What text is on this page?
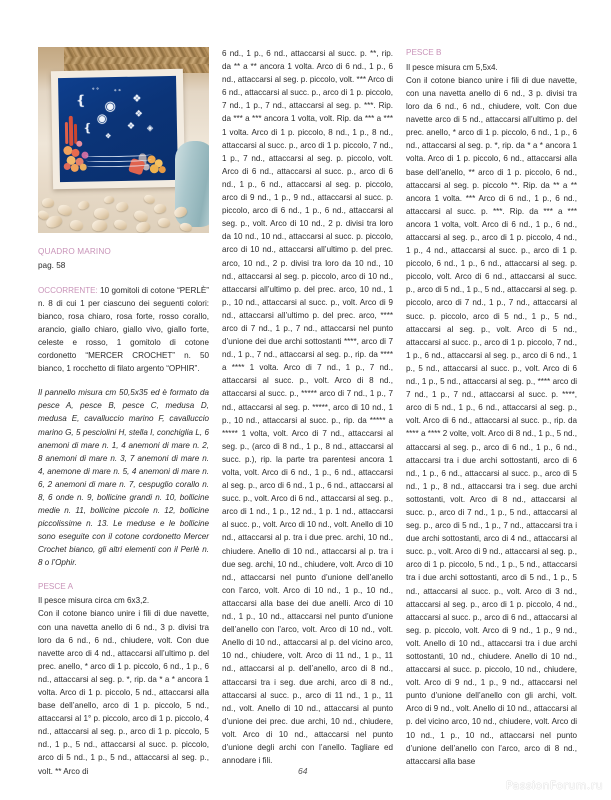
❴
❴
◉
◉
❖
❖
❖
❖
◈
⚬⚬	⚬⚬
QUADRO MARINO
pag. 58

OCCORRENTE: 10 gomitoli di cotone “PERLÈ” n. 8 di cui 1 per ciascuno dei seguenti colori: bianco, rosa chiaro, rosa forte, rosso corallo, arancio, giallo chiaro, giallo vivo, giallo forte, celeste e rosso, 1 gomitolo di cotone cordonetto “MERCER CROCHET” n. 50 bianco, 1 rocchetto di filato argento “OPHIR”.

Il pannello misura cm 50,5x35 ed è formato da pesce A, pesce B, pesce C, medusa D, medusa E, cavalluccio marino F, cavalluccio marino G, 5 pesciolini H, stella I, conchiglia L, 6 anemoni di mare n. 1, 4 anemoni di mare n. 2, 8 anemoni di mare n. 3, 7 anemoni di mare n. 4, anemone di mare n. 5, 4 anemoni di mare n. 6, 2 anemoni di mare n. 7, cespuglio corallo n. 8, 6 onde n. 9, bollicine grandi n. 10, bollicine medie n. 11, bollicine piccole n. 12, bollicine piccolissime n. 13. Le meduse e le bollicine sono eseguite con il cotone cordonetto Mercer Crochet bianco, gli altri elementi con il Perlè n. 8 o l’Ophir.

PESCE A

Il pesce misura circa cm 6x3,2.

Con il cotone bianco unire i fili di due navette, con una navetta anello di 6 nd., 3 p. divisi tra loro da 6 nd., 6 nd., chiudere, volt. Con due navette arco di 4 nd., attaccarsi all’ultimo p. del prec. anello, * arco di 1 p. piccolo, 6 nd., 1 p., 6 nd., attaccarsi al seg. p. *, rip. da * a * ancora 1 volta. Arco di 1 p. piccolo, 5 nd., attaccarsi alla base dell’anello, arco di 1 p. piccolo, 5 nd., attaccarsi al 1° p. piccolo, arco di 1 p. piccolo, 4 nd., attaccarsi al seg. p., arco di 1 p. piccolo, 5 nd., 1 p., 5 nd., attaccarsi al succ. p. piccolo, arco di 5 nd., 1 p., 5 nd., attaccarsi al seg. p., volt. ** Arco di

6 nd., 1 p., 6 nd., attaccarsi al succ. p. **, rip. da ** a ** ancora 1 volta. Arco di 6 nd., 1 p., 6 nd., attaccarsi al seg. p. piccolo, volt. *** Arco di 6 nd., attaccarsi al succ. p., arco di 1 p. piccolo, 7 nd., 1 p., 7 nd., attaccarsi al seg. p. ***. Rip. da *** a *** ancora 1 volta, volt. Rip. da *** a *** 1 volta. Arco di 1 p. piccolo, 8 nd., 1 p., 8 nd., attaccarsi al succ. p., arco di 1 p. piccolo, 7 nd., 1 p., 7 nd., attaccarsi al seg. p. piccolo, volt. Arco di 6 nd., attaccarsi al succ. p., arco di 6 nd., 1 p., 6 nd., attaccarsi al seg. p. piccolo, arco di 9 nd., 1 p., 9 nd., attaccarsi al succ. p. piccolo, arco di 6 nd., 1 p., 6 nd., attaccarsi al seg. p., volt. Arco di 10 nd., 2 p. divisi tra loro da 10 nd., 10 nd., attaccarsi al succ. p. piccolo, arco di 10 nd., attaccarsi all’ultimo p. del prec. arco, 10 nd., 2 p. divisi tra loro da 10 nd., 10 nd., attaccarsi al seg. p. piccolo, arco di 10 nd., attaccarsi all’ultimo p. del prec. arco, 10 nd., 1 p., 10 nd., attaccarsi al succ. p., volt. Arco di 9 nd., attaccarsi all’ultimo p. del prec. arco, **** arco di 7 nd., 1 p., 7 nd., attaccarsi nel punto d’unione dei due archi sottostanti ****, arco di 7 nd., 1 p., 7 nd., attaccarsi al seg. p., rip. da **** a **** 1 volta. Arco di 7 nd., 1 p., 7 nd., attaccarsi al succ. p., volt. Arco di 8 nd., attaccarsi al succ. p., ***** arco di 7 nd., 1 p., 7 nd., attaccarsi al seg. p. *****, arco di 10 nd., 1 p., 10 nd., attaccarsi al succ. p., rip. da ***** a ***** 1 volta, volt. Arco di 7 nd., attaccarsi al seg. p., (arco di 8 nd., 1 p., 8 nd., attaccarsi al succ. p.), rip. la parte tra parentesi ancora 1 volta, volt. Arco di 6 nd., 1 p., 6 nd., attaccarsi al seg. p., arco di 6 nd., 1 p., 6 nd., attaccarsi al succ. p., volt. Arco di 6 nd., attaccarsi al seg. p., arco di 1 nd., 1 p., 12 nd., 1 p. 1 nd., attaccarsi al succ. p., volt. Arco di 10 nd., volt. Anello di 10 nd., attaccarsi al p. tra i due prec. archi, 10 nd., chiudere. Anello di 10 nd., attaccarsi al p. tra i due seg. archi, 10 nd., chiudere, volt. Arco di 10 nd., attaccarsi nel punto d’unione dell’anello con l’arco, volt. Arco di 10 nd., 1 p., 10 nd., attaccarsi alla base dei due anelli. Arco di 10 nd., 1 p., 10 nd., attaccarsi nel punto d’unione dell’anello con l’arco, volt. Arco di 10 nd., volt. Anello di 10 nd., attaccarsi al p. del vicino arco, 10 nd., chiudere, volt. Arco di 11 nd., 1 p., 11 nd., attaccarsi al p. dell’anello, arco di 8 nd., attaccarsi tra i seg. due archi, arco di 8 nd., attaccarsi al succ. p., arco di 11 nd., 1 p., 11 nd., volt. Anello di 10 nd., attaccarsi al punto d’unione dei prec. due archi, 10 nd., chiudere, volt. Arco di 10 nd., attaccarsi nel punto d’unione degli archi con l’anello. Tagliare ed annodare i fili.

PESCE B

Il pesce misura cm 5,5x4.

Con il cotone bianco unire i fili di due navette, con una navetta anello di 6 nd., 3 p. divisi tra loro da 6 nd., 6 nd., chiudere, volt. Con due navette arco di 5 nd., attaccarsi all’ultimo p. del prec. anello, * arco di 1 p. piccolo, 6 nd., 1 p., 6 nd., attaccarsi al seg. p. *, rip. da * a * ancora 1 volta. Arco di 1 p. piccolo, 6 nd., attaccarsi alla base dell’anello, ** arco di 1 p. piccolo, 6 nd., attaccarsi al seg. p. piccolo **. Rip. da ** a ** ancora 1 volta. *** Arco di 6 nd., 1 p., 6 nd., attaccarsi al succ. p. ***. Rip. da *** a *** ancora 1 volta, volt. Arco di 6 nd., 1 p., 6 nd., attaccarsi al seg. p., arco di 1 p. piccolo, 4 nd., 1 p., 4 nd., attaccarsi al succ. p., arco di 1 p. piccolo, 6 nd., 1 p., 6 nd., attaccarsi al seg. p. piccolo, volt. Arco di 6 nd., attaccarsi al succ. p., arco di 5 nd., 1 p., 5 nd., attaccarsi al seg. p. piccolo, arco di 7 nd., 1 p., 7 nd., attaccarsi al succ. p. piccolo, arco di 5 nd., 1 p., 5 nd., attaccarsi al seg. p., volt. Arco di 5 nd., attaccarsi al succ. p., arco di 1 p. piccolo, 7 nd., 1 p., 6 nd., attaccarsi al seg. p., arco di 6 nd., 1 p., 5 nd., attaccarsi al succ. p., volt. Arco di 6 nd., 1 p., 5 nd., attaccarsi al seg. p., **** arco di 7 nd., 1 p., 7 nd., attaccarsi al succ. p. ****, arco di 5 nd., 1 p., 6 nd., attaccarsi al seg. p., volt. Arco di 6 nd., attaccarsi al succ. p., rip. da **** a **** 2 volte, volt. Arco di 8 nd., 1 p., 5 nd., attaccarsi al seg. p., arco di 6 nd., 1 p., 6 nd., attaccarsi tra i due archi sottostanti, arco di 6 nd., 1 p., 6 nd., attaccarsi al succ. p., arco di 5 nd., 1 p., 8 nd., attaccarsi tra i seg. due archi sottostanti, volt. Arco di 8 nd., attaccarsi al succ. p., arco di 7 nd., 1 p., 5 nd., attaccarsi al seg. p., arco di 5 nd., 1 p., 7 nd., attaccarsi tra i due archi sottostanti, arco di 4 nd., attaccarsi al succ. p., volt. Arco di 9 nd., attaccarsi al seg. p., arco di 1 p. piccolo, 5 nd., 1 p., 5 nd., attaccarsi tra i due archi sottostanti, arco di 5 nd., 1 p., 5 nd., attaccarsi al succ. p., volt. Arco di 3 nd., attaccarsi al seg. p., arco di 1 p. piccolo, 4 nd., attaccarsi al succ. p., arco di 6 nd., attaccarsi al seg. p. piccolo, volt. Arco di 9 nd., 1 p., 9 nd., volt. Anello di 10 nd., attaccarsi tra i due archi sottostanti, 10 nd., chiudere. Anello di 10 nd., attaccarsi al succ. p. piccolo, 10 nd., chiudere, volt. Arco di 9 nd., 1 p., 9 nd., attaccarsi nel punto d’unione dell’anello con gli archi, volt. Arco di 9 nd., volt. Anello di 10 nd., attaccarsi al p. del vicino arco, 10 nd., chiudere, volt. Arco di 10 nd., 1 p., 10 nd., attaccarsi nel punto d’unione dell’anello con l’arco, arco di 8 nd., attaccarsi alla base

64
PassionForum.ru
